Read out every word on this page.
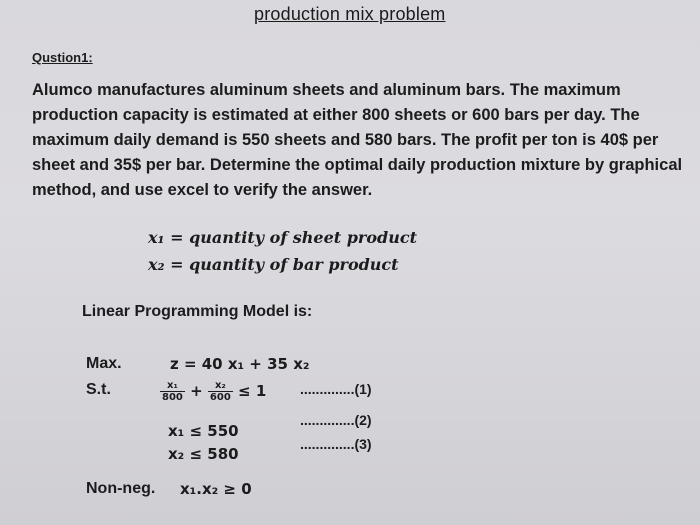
production mix problem
Qustion1:
Alumco manufactures aluminum sheets and aluminum bars. The maximum
production capacity is estimated at either 800 sheets or 600 bars per day. The
maximum daily demand is 550 sheets and 580 bars. The profit per ton is 40$ per
sheet and 35$ per bar. Determine the optimal daily production mixture by graphical
method, and use excel to verify the answer.
x₁ = quantity of sheet product
x₂ = quantity of bar product
Linear Programming Model is:
Max.	z = 40 x₁ + 35 x₂
S.t.	$\frac{\text{x₁}}{800} + \frac{\text{x₂}}{600} \le 1$ ..............(1)
x₁ ≤ 550
..............(2)
x₂ ≤ 580
..............(3)
Non-neg. x₁.x₂ ≥ 0
